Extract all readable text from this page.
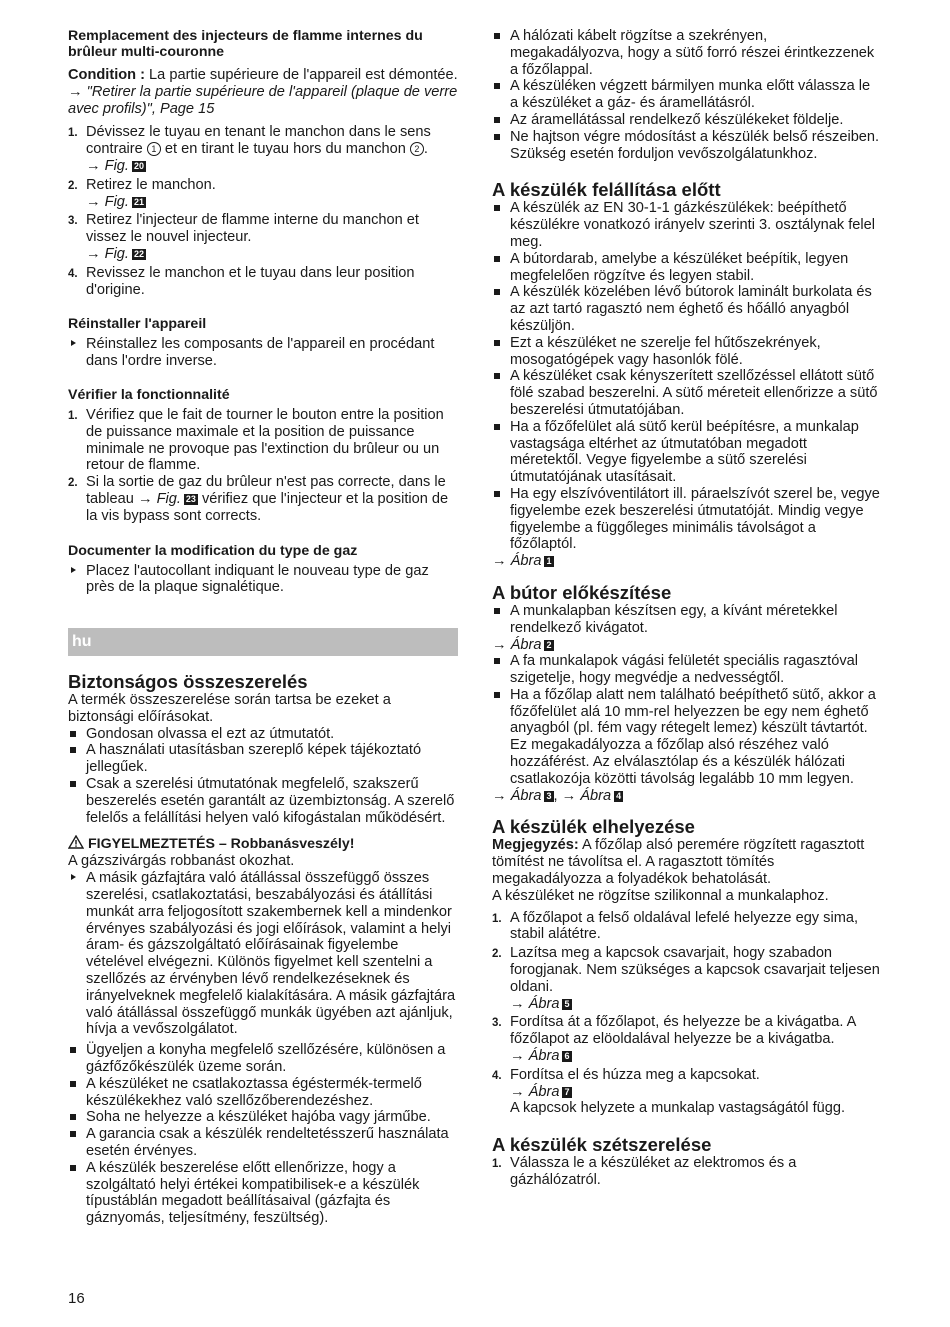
Remplacement des injecteurs de flamme internes du brûleur multi-couronne

Condition : La partie supérieure de l'appareil est démontée. → "Retirer la partie supérieure de l'appareil (plaque de verre avec profils)", Page 15

1. Dévissez le tuyau en tenant le manchon dans le sens contraire 1 et en tirant le tuyau hors du manchon 2 .
→ Fig. 20
2. Retirez le manchon.
→ Fig. 21
3. Retirez l'injecteur de flamme interne du manchon et vissez le nouvel injecteur.
→ Fig. 22
4. Revissez le manchon et le tuyau dans leur position d'origine.

Réinstaller l'appareil

Réinstallez les composants de l'appareil en procédant dans l'ordre inverse.

Vérifier la fonctionnalité

1. Vérifiez que le fait de tourner le bouton entre la position de puissance maximale et la position de puissance minimale ne provoque pas l'extinction du brûleur ou un retour de flamme.
2. Si la sortie de gaz du brûleur n'est pas correcte, dans le tableau → Fig. 23 vérifiez que l'injecteur et la position de la vis bypass sont corrects.

Documenter la modification du type de gaz

Placez l'autocollant indiquant le nouveau type de gaz près de la plaque signalétique.
hu

Biztonságos összeszerelés

A termék összeszerelése során tartsa be ezeket a biztonsági előírásokat.

Gondosan olvassa el ezt az útmutatót.
A használati utasításban szereplő képek tájékoztató jellegűek.
Csak a szerelési útmutatónak megfelelő, szakszerű beszerelés esetén garantált az üzembiztonság. A szerelő felelős a felállítási helyen való kifogástalan működésért.
FIGYELMEZTETÉS – Robbanásveszély!

A gázszivárgás robbanást okozhat.

A másik gázfajtára való átállással összefüggő összes szerelési, csatlakoztatási, beszabályozási és átállítási munkát arra feljogosított szakembernek kell a mindenkor érvényes szabályozási és jogi előírások, valamint a helyi áram- és gázszolgáltató előírásainak figyelembe vételével elvégezni. Különös figyelmet kell szentelni a szellőzés az érvényben lévő rendelkezéseknek és irányelveknek megfelelő kialakítására. A másik gázfajtára való átállással összefüggő munkák ügyében azt ajánljuk, hívja a vevőszolgálatot.
Ügyeljen a konyha megfelelő szellőzésére, különösen a gázfőzőkészülék üzeme során.
A készüléket ne csatlakoztassa égéstermék-termelő készülékekhez való szellőzőberendezéshez.
Soha ne helyezze a készüléket hajóba vagy járműbe.
A garancia csak a készülék rendeltetésszerű használata esetén érvényes.
A készülék beszerelése előtt ellenőrizze, hogy a szolgáltató helyi értékei kompatibilisek-e a készülék típustáblán megadott beállításaival (gázfajta és gáznyomás, teljesítmény, feszültség).
16
A hálózati kábelt rögzítse a szekrényen, megakadályozva, hogy a sütő forró részei érintkezzenek a főzőlappal.
A készüléken végzett bármilyen munka előtt válassza le a készüléket a gáz- és áramellátásról.
Az áramellátással rendelkező készülékeket földelje.
Ne hajtson végre módosítást a készülék belső részeiben. Szükség esetén forduljon vevőszolgálatunkhoz.

A készülék felállítása előtt

A készülék az EN 30-1-1 gázkészülékek: beépíthető készülékre vonatkozó irányelv szerinti 3. osztálynak felel meg.
A bútordarab, amelybe a készüléket beépítik, legyen megfelelően rögzítve és legyen stabil.
A készülék közelében lévő bútorok laminált burkolata és az azt tartó ragasztó nem éghető és hőálló anyagból készüljön.
Ezt a készüléket ne szerelje fel hűtőszekrények, mosogatógépek vagy hasonlók fölé.
A készüléket csak kényszerített szellőzéssel ellátott sütő fölé szabad beszerelni. A sütő méreteit ellenőrizze a sütő beszerelési útmutatójában.
Ha a főzőfelület alá sütő kerül beépítésre, a munkalap vastagsága eltérhet az útmutatóban megadott méretektől. Vegye figyelembe a sütő szerelési útmutatójának utasításait.
Ha egy elszívóventilátort ill. páraelszívót szerel be, vegye figyelembe ezek beszerelési útmutatóját. Mindig vegye figyelembe a függőleges minimális távolságot a főzőlaptól.
→ Ábra 1

A bútor előkészítése

A munkalapban készítsen egy, a kívánt méretekkel rendelkező kivágatot.
→ Ábra 2
A fa munkalapok vágási felületét speciális ragasztóval szigetelje, hogy megvédje a nedvességtől.
Ha a főzőlap alatt nem található beépíthető sütő, akkor a főzőfelület alá 10 mm-rel helyezzen be egy nem éghető anyagból (pl. fém vagy rétegelt lemez) készült távtartót. Ez megakadályozza a főzőlap alsó részéhez való hozzáférést. Az elválasztólap és a készülék hálózati csatlakozója közötti távolság legalább 10 mm legyen.
→ Ábra 3 , → Ábra 4

A készülék elhelyezése

Megjegyzés: A főzőlap alsó peremére rögzített ragasztott tömítést ne távolítsa el. A ragasztott tömítés megakadályozza a folyadékok behatolását.

A készüléket ne rögzítse szilikonnal a munkalaphoz.

1. A főzőlapot a felső oldalával lefelé helyezze egy sima, stabil alátétre.
2. Lazítsa meg a kapcsok csavarjait, hogy szabadon forogjanak. Nem szükséges a kapcsok csavarjait teljesen oldani.
→ Ábra 5
3. Fordítsa át a főzőlapot, és helyezze be a kivágatba. A főzőlapot az elöoldalával helyezze be a kivágatba.
→ Ábra 6
4. Fordítsa el és húzza meg a kapcsokat.
→ Ábra 7
A kapcsok helyzete a munkalap vastagságától függ.

A készülék szétszerelése

1. Válassza le a készüléket az elektromos és a gázhálózatról.
